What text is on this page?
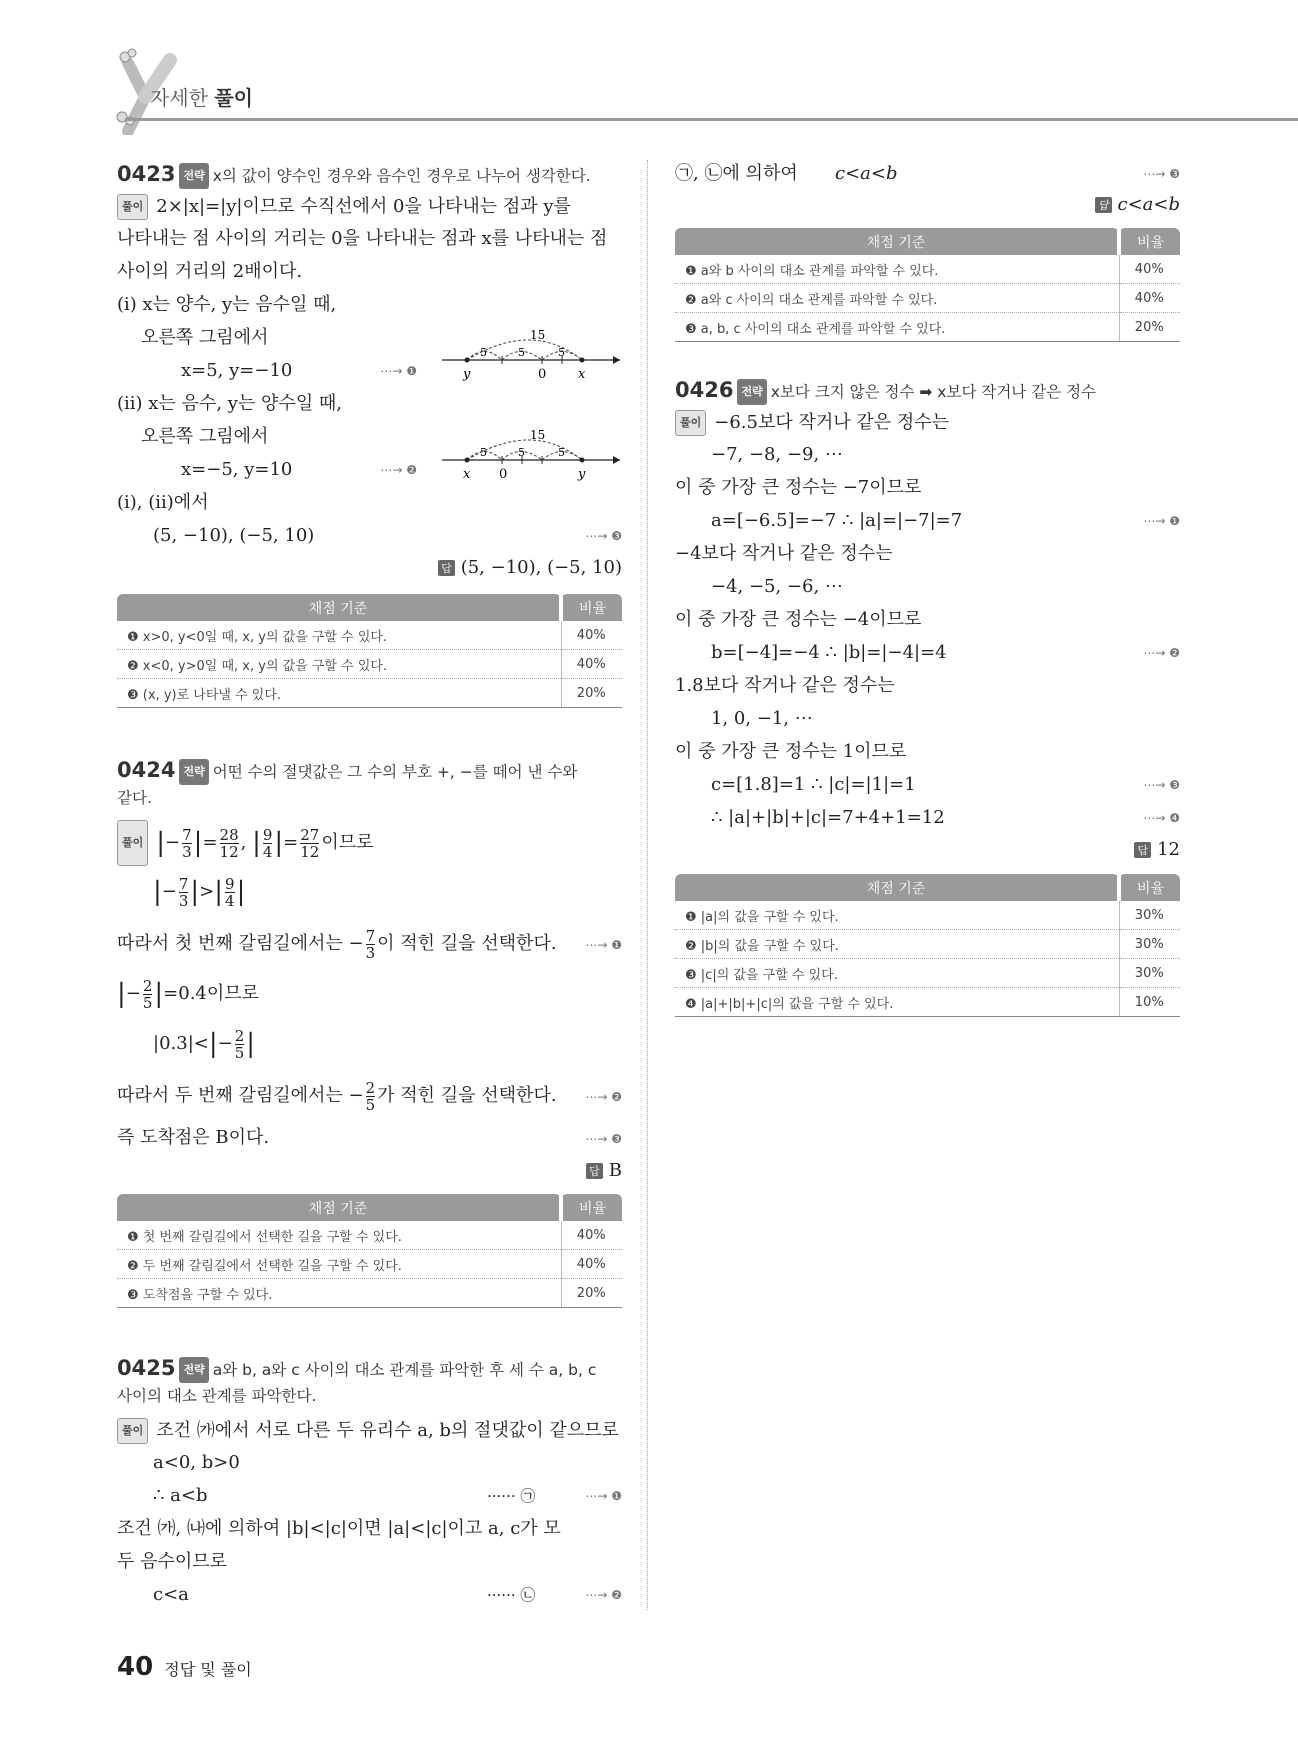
자세한 풀이
0423 전략 x의 값이 양수인 경우와 음수인 경우로 나누어 생각한다.
풀이 2×|x|=|y|이므로 수직선에서 0을 나타내는 점과 y를
나타내는 점 사이의 거리는 0을 나타내는 점과 x를 나타내는 점
사이의 거리의 2배이다.
(ⅰ) x는 양수, y는 음수일 때,
오른쪽 그림에서
x=5, y=−10	⋯→ ❶
15
5	5	5
y	0 x
(ⅱ) x는 음수, y는 양수일 때,
오른쪽 그림에서
x=−5, y=10	⋯→ ❷
15
5	5	5
x 0	y
(ⅰ), (ⅱ)에서
(5, −10), (−5, 10)	⋯→ ❸
답 (5, −10), (−5, 10)
채점 기준	비율
❶ x>0, y<0일 때, x, y의 값을 구할 수 있다.	40%
❷ x<0, y>0일 때, x, y의 값을 구할 수 있다.	40%
❸ (x, y)로 나타낼 수 있다.	20%
0424 전략 어떤 수의 절댓값은 그 수의 부호 +, −를 떼어 낸 수와
같다.
풀이 |− $\frac{7}{3}$ |= $\frac{28}{12}$ , | $\frac{9}{4}$ |= $\frac{27}{12}$ 이므로
|− $\frac{7}{3}$ |>| $\frac{9}{4}$ |
따라서 첫 번째 갈림길에서는 − $\frac{7}{3}$ 이 적힌 길을 선택한다. ⋯→ ❶
|− $\frac{2}{5} |=0.4$이므로
$|0.3|<|- \frac{2}{5}$ |
따라서 두 번째 갈림길에서는 − $\frac{2}{5}$ 가 적힌 길을 선택한다. ⋯→ ❷
즉 도착점은 B이다.	⋯→ ❸
답 B
채점 기준	비율
❶ 첫 번째 갈림길에서 선택한 길을 구할 수 있다.	40%
❷ 두 번째 갈림길에서 선택한 길을 구할 수 있다.	40%
❸ 도착점을 구할 수 있다.	20%
0425 전략 a와 b, a와 c 사이의 대소 관계를 파악한 후 세 수 a, b, c
사이의 대소 관계를 파악한다.
풀이 조건 ㈎에서 서로 다른 두 유리수 a, b의 절댓값이 같으므로
a<0, b>0
∴ a<b	······ ㉠	⋯→ ❶
조건 ㈎, ㈏에 의하여 |b|<|c|이면 |a|<|c|이고 a, c가 모
두 음수이므로
c<a	······ ㉡	⋯→ ❷
㉠, ㉡에 의하여 c<a<b	⋯→ ❸
답 c<a<b
채점 기준	비율
❶ a와 b 사이의 대소 관계를 파악할 수 있다.	40%
❷ a와 c 사이의 대소 관계를 파악할 수 있다.	40%
❸ a, b, c 사이의 대소 관계를 파악할 수 있다.	20%
0426 전략 x보다 크지 않은 정수 ➡ x보다 작거나 같은 정수
풀이 −6.5보다 작거나 같은 정수는
−7, −8, −9, ⋯
이 중 가장 큰 정수는 −7이므로
a=[−6.5]=−7 ∴ |a|=|−7|=7	⋯→ ❶
−4보다 작거나 같은 정수는
−4, −5, −6, ⋯
이 중 가장 큰 정수는 −4이므로
b=[−4]=−4 ∴ |b|=|−4|=4	⋯→ ❷
1.8보다 작거나 같은 정수는
1, 0, −1, ⋯
이 중 가장 큰 정수는 1이므로
c=[1.8]=1 ∴ |c|=|1|=1	⋯→ ❸
∴ |a|+|b|+|c|=7+4+1=12	⋯→ ❹
답 12
채점 기준	비율
❶ |a|의 값을 구할 수 있다.	30%
❷ |b|의 값을 구할 수 있다.	30%
❸ |c|의 값을 구할 수 있다.	30%
❹ |a|+|b|+|c|의 값을 구할 수 있다.	10%
40 정답 및 풀이
